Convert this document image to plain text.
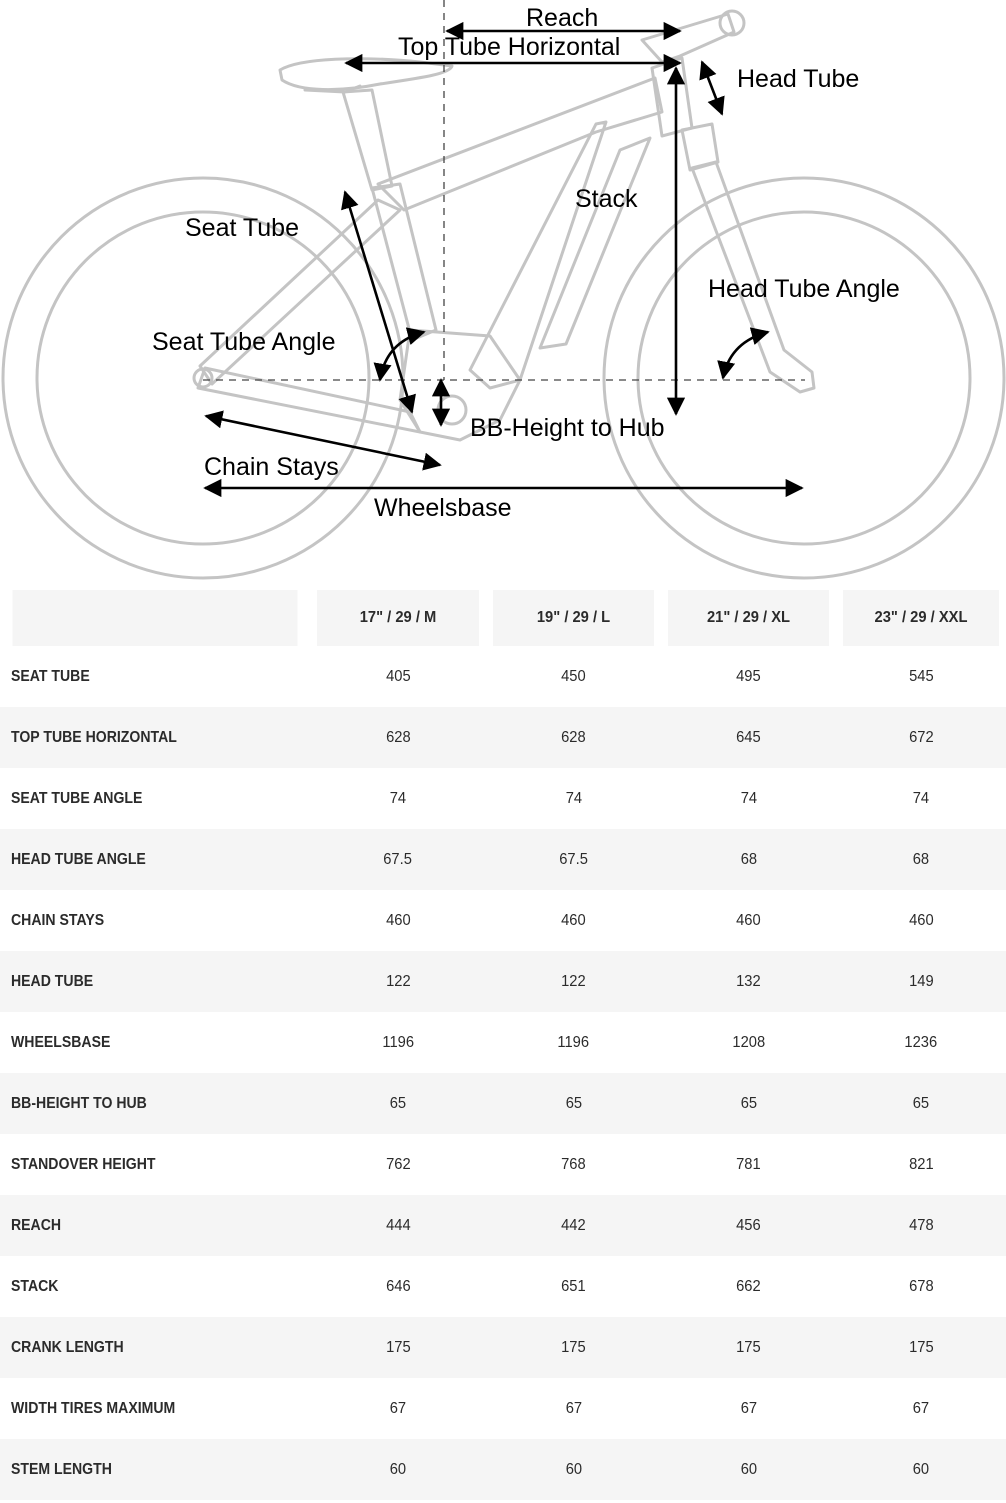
Reach
Top Tube Horizontal
Head Tube
Stack
Seat Tube
Head Tube Angle
Seat Tube Angle
BB-Height to Hub
Chain Stays
Wheelsbase
	17" / 29 / M	19" / 29 / L	21" / 29 / XL	23" / 29 / XXL
SEAT TUBE	405	450	495	545
TOP TUBE HORIZONTAL	628	628	645	672
SEAT TUBE ANGLE	74	74	74	74
HEAD TUBE ANGLE	67.5	67.5	68	68
CHAIN STAYS	460	460	460	460
HEAD TUBE	122	122	132	149
WHEELSBASE	1196	1196	1208	1236
BB-HEIGHT TO HUB	65	65	65	65
STANDOVER HEIGHT	762	768	781	821
REACH	444	442	456	478
STACK	646	651	662	678
CRANK LENGTH	175	175	175	175
WIDTH TIRES MAXIMUM	67	67	67	67
STEM LENGTH	60	60	60	60
